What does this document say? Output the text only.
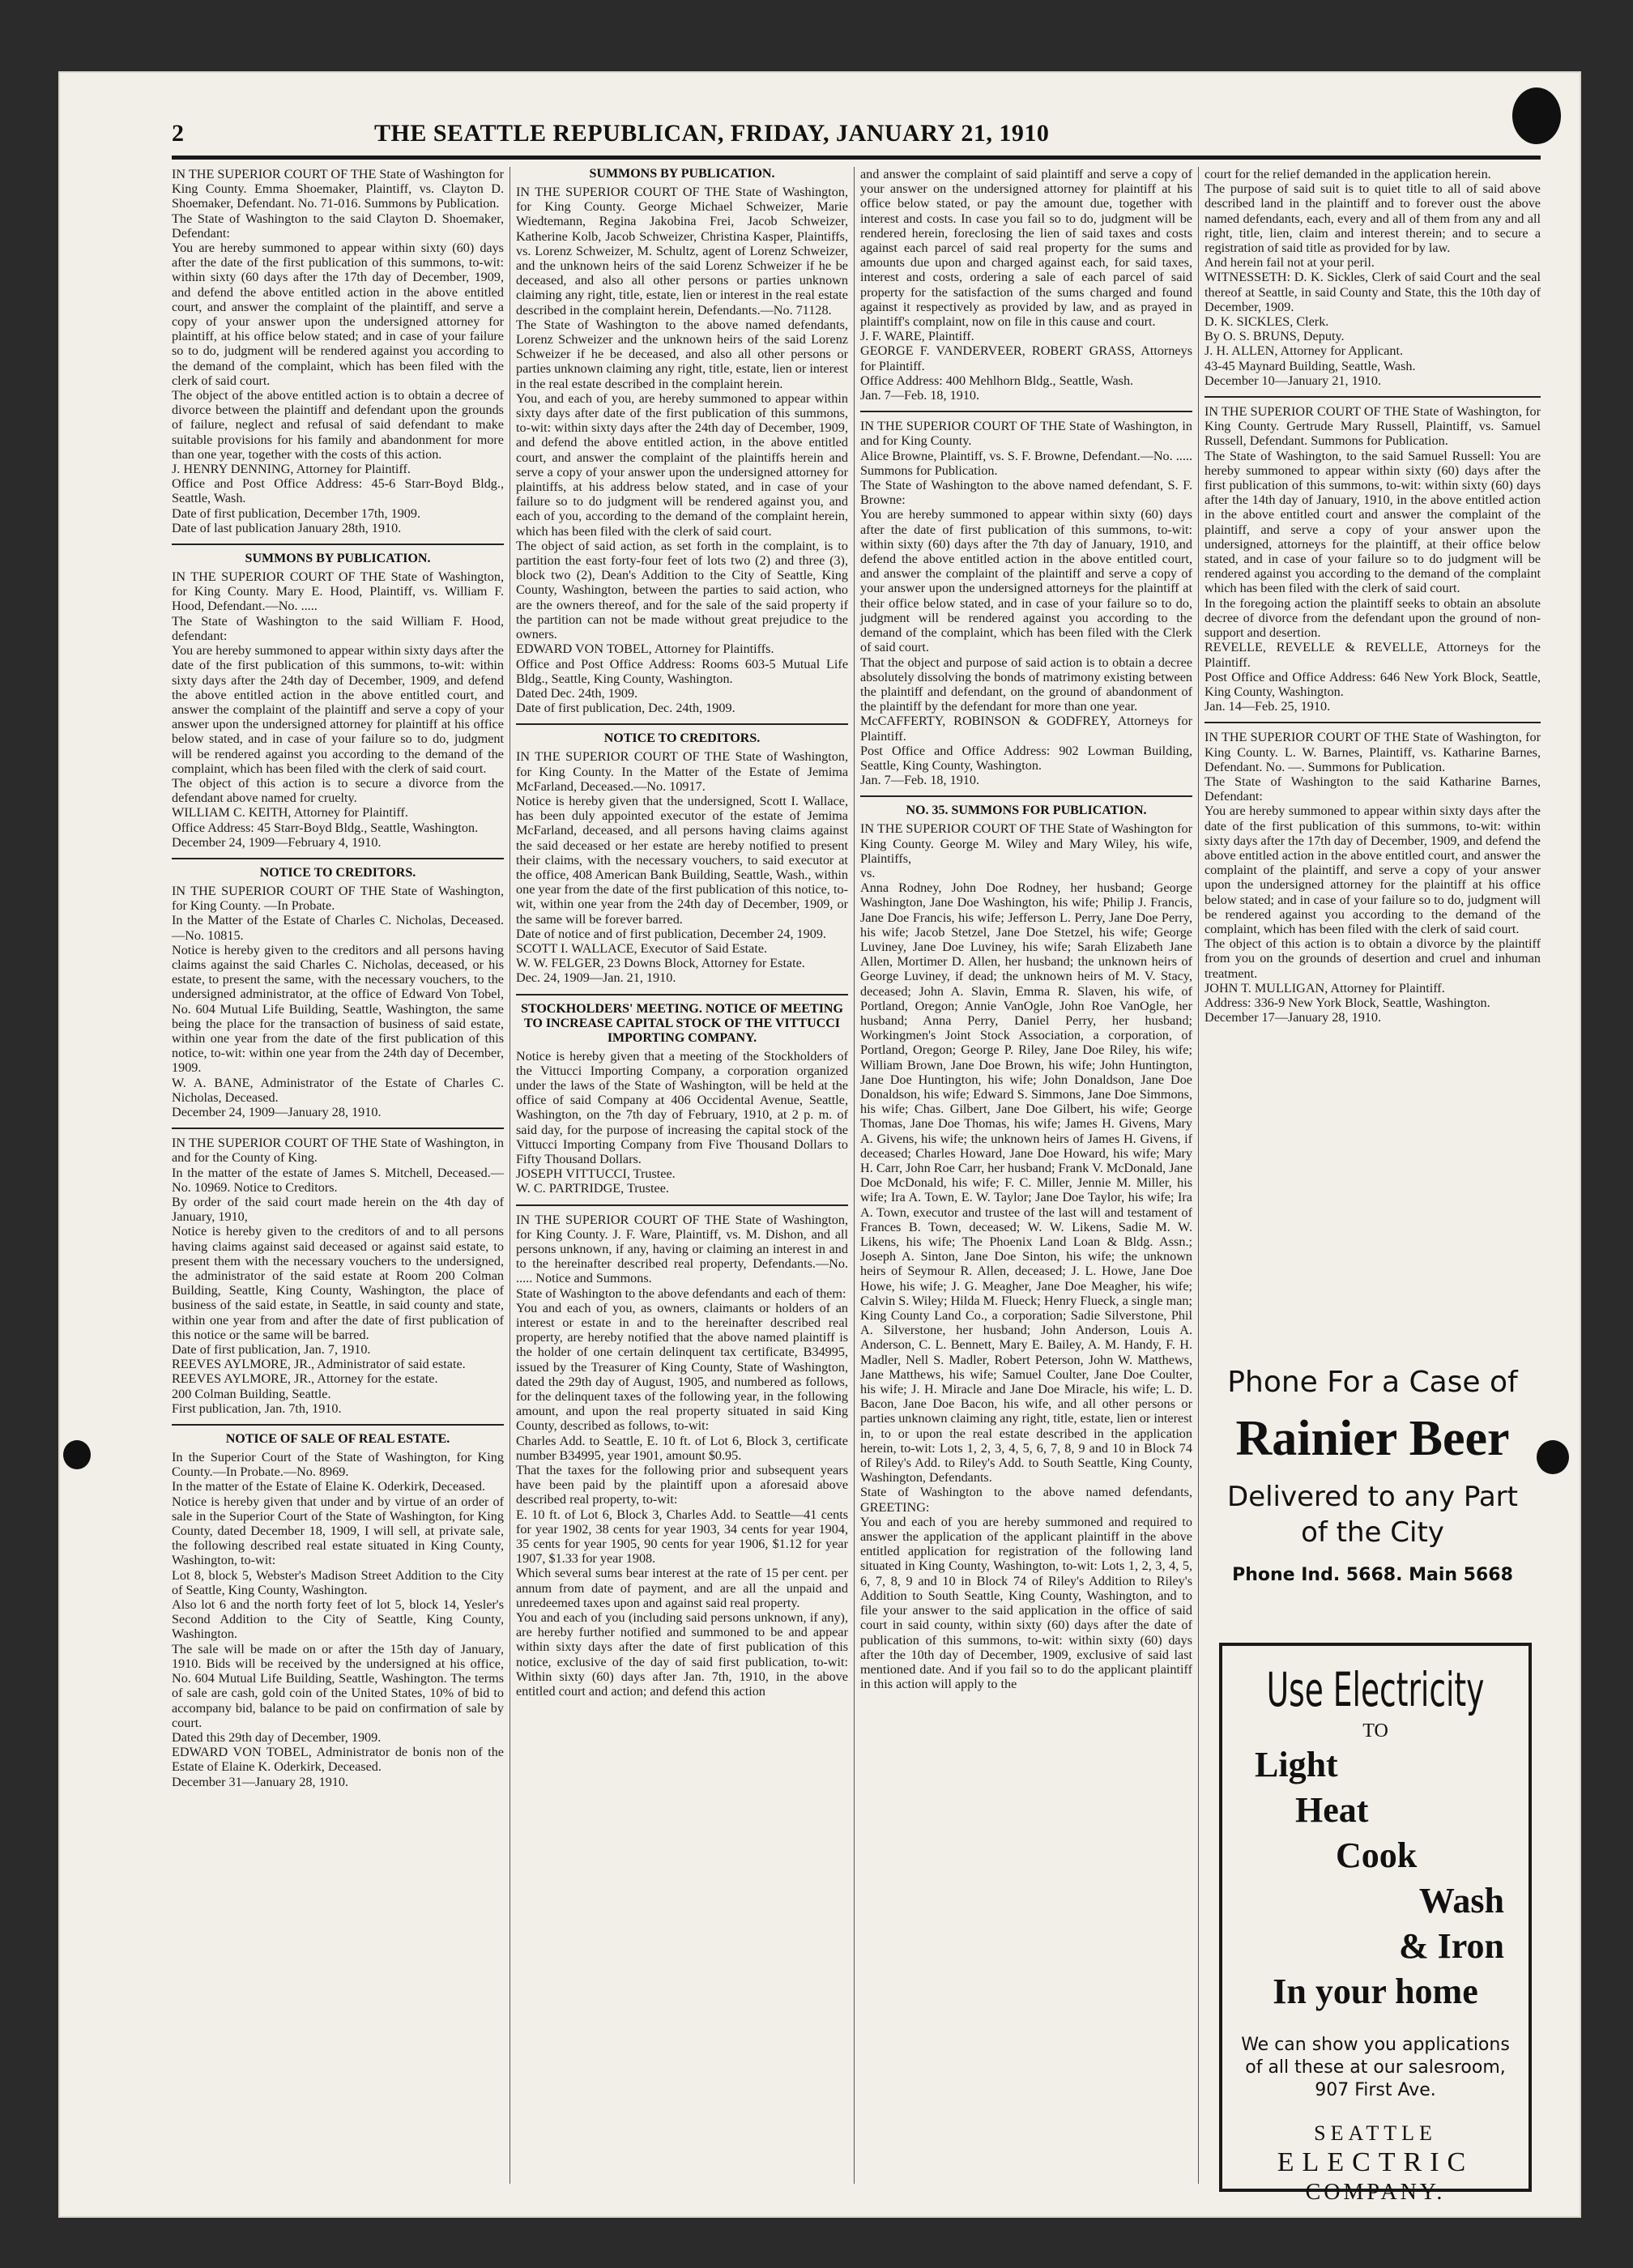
2	THE SEATTLE REPUBLICAN, FRIDAY, JANUARY 21, 1910

IN THE SUPERIOR COURT OF THE State of Washington for King County. Emma Shoemaker, Plaintiff, vs. Clayton D. Shoemaker, Defendant. No. 71-016. Summons by Publication.
The State of Washington to the said Clayton D. Shoemaker, Defendant:
You are hereby summoned to appear within sixty (60) days after the date of the first publication of this summons, to-wit: within sixty (60 days after the 17th day of December, 1909, and defend the above entitled action in the above entitled court, and answer the complaint of the plaintiff, and serve a copy of your answer upon the undersigned attorney for plaintiff, at his office below stated; and in case of your failure so to do, judgment will be rendered against you according to the demand of the complaint, which has been filed with the clerk of said court.
The object of the above entitled action is to obtain a decree of divorce between the plaintiff and defendant upon the grounds of failure, neglect and refusal of said defendant to make suitable provisions for his family and abandonment for more than one year, together with the costs of this action.
J. HENRY DENNING, Attorney for Plaintiff.
Office and Post Office Address: 45-6 Starr-Boyd Bldg., Seattle, Wash.
Date of first publication, December 17th, 1909.
Date of last publication January 28th, 1910.

SUMMONS BY PUBLICATION.

IN THE SUPERIOR COURT OF THE State of Washington, for King County. Mary E. Hood, Plaintiff, vs. William F. Hood, Defendant.—No. .....
The State of Washington to the said William F. Hood, defendant:
You are hereby summoned to appear within sixty days after the date of the first publication of this summons, to-wit: within sixty days after the 24th day of December, 1909, and defend the above entitled action in the above entitled court, and answer the complaint of the plaintiff and serve a copy of your answer upon the undersigned attorney for plaintiff at his office below stated, and in case of your failure so to do, judgment will be rendered against you according to the demand of the complaint, which has been filed with the clerk of said court.
The object of this action is to secure a divorce from the defendant above named for cruelty.
WILLIAM C. KEITH, Attorney for Plaintiff.
Office Address: 45 Starr-Boyd Bldg., Seattle, Washington.
December 24, 1909—February 4, 1910.

NOTICE TO CREDITORS.

IN THE SUPERIOR COURT OF THE State of Washington, for King County. —In Probate.
In the Matter of the Estate of Charles C. Nicholas, Deceased.—No. 10815.
Notice is hereby given to the creditors and all persons having claims against the said Charles C. Nicholas, deceased, or his estate, to present the same, with the necessary vouchers, to the undersigned administrator, at the office of Edward Von Tobel, No. 604 Mutual Life Building, Seattle, Washington, the same being the place for the transaction of business of said estate, within one year from the date of the first publication of this notice, to-wit: within one year from the 24th day of December, 1909.
W. A. BANE, Administrator of the Estate of Charles C. Nicholas, Deceased.
December 24, 1909—January 28, 1910.

IN THE SUPERIOR COURT OF THE State of Washington, in and for the County of King.
In the matter of the estate of James S. Mitchell, Deceased.—No. 10969. Notice to Creditors.
By order of the said court made herein on the 4th day of January, 1910,
Notice is hereby given to the creditors of and to all persons having claims against said deceased or against said estate, to present them with the necessary vouchers to the undersigned, the administrator of the said estate at Room 200 Colman Building, Seattle, King County, Washington, the place of business of the said estate, in Seattle, in said county and state, within one year from and after the date of first publication of this notice or the same will be barred.
Date of first publication, Jan. 7, 1910.
REEVES AYLMORE, JR., Administrator of said estate.
REEVES AYLMORE, JR., Attorney for the estate.
200 Colman Building, Seattle.
First publication, Jan. 7th, 1910.

NOTICE OF SALE OF REAL ESTATE.

In the Superior Court of the State of Washington, for King County.—In Probate.—No. 8969.
In the matter of the Estate of Elaine K. Oderkirk, Deceased.
Notice is hereby given that under and by virtue of an order of sale in the Superior Court of the State of Washington, for King County, dated December 18, 1909, I will sell, at private sale, the following described real estate situated in King County, Washington, to-wit:
Lot 8, block 5, Webster's Madison Street Addition to the City of Seattle, King County, Washington.
Also lot 6 and the north forty feet of lot 5, block 14, Yesler's Second Addition to the City of Seattle, King County, Washington.
The sale will be made on or after the 15th day of January, 1910. Bids will be received by the undersigned at his office, No. 604 Mutual Life Building, Seattle, Washington. The terms of sale are cash, gold coin of the United States, 10% of bid to accompany bid, balance to be paid on confirmation of sale by court.
Dated this 29th day of December, 1909.
EDWARD VON TOBEL, Administrator de bonis non of the Estate of Elaine K. Oderkirk, Deceased.
December 31—January 28, 1910.

SUMMONS BY PUBLICATION.

IN THE SUPERIOR COURT OF THE State of Washington, for King County. George Michael Schweizer, Marie Wiedtemann, Regina Jakobina Frei, Jacob Schweizer, Katherine Kolb, Jacob Schweizer, Christina Kasper, Plaintiffs, vs. Lorenz Schweizer, M. Schultz, agent of Lorenz Schweizer, and the unknown heirs of the said Lorenz Schweizer if he be deceased, and also all other persons or parties unknown claiming any right, title, estate, lien or interest in the real estate described in the complaint herein, Defendants.—No. 71128.
The State of Washington to the above named defendants, Lorenz Schweizer and the unknown heirs of the said Lorenz Schweizer if he be deceased, and also all other persons or parties unknown claiming any right, title, estate, lien or interest in the real estate described in the complaint herein.
You, and each of you, are hereby summoned to appear within sixty days after date of the first publication of this summons, to-wit: within sixty days after the 24th day of December, 1909, and defend the above entitled action, in the above entitled court, and answer the complaint of the plaintiffs herein and serve a copy of your answer upon the undersigned attorney for plaintiffs, at his address below stated, and in case of your failure so to do judgment will be rendered against you, and each of you, according to the demand of the complaint herein, which has been filed with the clerk of said court.
The object of said action, as set forth in the complaint, is to partition the east forty-four feet of lots two (2) and three (3), block two (2), Dean's Addition to the City of Seattle, King County, Washington, between the parties to said action, who are the owners thereof, and for the sale of the said property if the partition can not be made without great prejudice to the owners.
EDWARD VON TOBEL, Attorney for Plaintiffs.
Office and Post Office Address: Rooms 603-5 Mutual Life Bldg., Seattle, King County, Washington.
Dated Dec. 24th, 1909.
Date of first publication, Dec. 24th, 1909.

NOTICE TO CREDITORS.

IN THE SUPERIOR COURT OF THE State of Washington, for King County. In the Matter of the Estate of Jemima McFarland, Deceased.—No. 10917.
Notice is hereby given that the undersigned, Scott I. Wallace, has been duly appointed executor of the estate of Jemima McFarland, deceased, and all persons having claims against the said deceased or her estate are hereby notified to present their claims, with the necessary vouchers, to said executor at the office, 408 American Bank Building, Seattle, Wash., within one year from the date of the first publication of this notice, to-wit, within one year from the 24th day of December, 1909, or the same will be forever barred.
Date of notice and of first publication, December 24, 1909.
SCOTT I. WALLACE, Executor of Said Estate.
W. W. FELGER, 23 Downs Block, Attorney for Estate.
Dec. 24, 1909—Jan. 21, 1910.

STOCKHOLDERS' MEETING. NOTICE OF MEETING TO INCREASE CAPITAL STOCK OF THE VITTUCCI IMPORTING COMPANY.

Notice is hereby given that a meeting of the Stockholders of the Vittucci Importing Company, a corporation organized under the laws of the State of Washington, will be held at the office of said Company at 406 Occidental Avenue, Seattle, Washington, on the 7th day of February, 1910, at 2 p. m. of said day, for the purpose of increasing the capital stock of the Vittucci Importing Company from Five Thousand Dollars to Fifty Thousand Dollars.
JOSEPH VITTUCCI, Trustee.
W. C. PARTRIDGE, Trustee.

IN THE SUPERIOR COURT OF THE State of Washington, for King County. J. F. Ware, Plaintiff, vs. M. Dishon, and all persons unknown, if any, having or claiming an interest in and to the hereinafter described real property, Defendants.—No. ..... Notice and Summons.
State of Washington to the above defendants and each of them:
You and each of you, as owners, claimants or holders of an interest or estate in and to the hereinafter described real property, are hereby notified that the above named plaintiff is the holder of one certain delinquent tax certificate, B34995, issued by the Treasurer of King County, State of Washington, dated the 29th day of August, 1905, and numbered as follows, for the delinquent taxes of the following year, in the following amount, and upon the real property situated in said King County, described as follows, to-wit:
Charles Add. to Seattle, E. 10 ft. of Lot 6, Block 3, certificate number B34995, year 1901, amount $0.95.
That the taxes for the following prior and subsequent years have been paid by the plaintiff upon a aforesaid above described real property, to-wit:
E. 10 ft. of Lot 6, Block 3, Charles Add. to Seattle—41 cents for year 1902, 38 cents for year 1903, 34 cents for year 1904, 35 cents for year 1905, 90 cents for year 1906, $1.12 for year 1907, $1.33 for year 1908.
Which several sums bear interest at the rate of 15 per cent. per annum from date of payment, and are all the unpaid and unredeemed taxes upon and against said real property.
You and each of you (including said persons unknown, if any), are hereby further notified and summoned to be and appear within sixty days after the date of first publication of this notice, exclusive of the day of said first publication, to-wit: Within sixty (60) days after Jan. 7th, 1910, in the above entitled court and action; and defend this action

and answer the complaint of said plaintiff and serve a copy of your answer on the undersigned attorney for plaintiff at his office below stated, or pay the amount due, together with interest and costs. In case you fail so to do, judgment will be rendered herein, foreclosing the lien of said taxes and costs against each parcel of said real property for the sums and amounts due upon and charged against each, for said taxes, interest and costs, ordering a sale of each parcel of said property for the satisfaction of the sums charged and found against it respectively as provided by law, and as prayed in plaintiff's complaint, now on file in this cause and court.
J. F. WARE, Plaintiff.
GEORGE F. VANDERVEER, ROBERT GRASS, Attorneys for Plaintiff.
Office Address: 400 Mehlhorn Bldg., Seattle, Wash.
Jan. 7—Feb. 18, 1910.

IN THE SUPERIOR COURT OF THE State of Washington, in and for King County.
Alice Browne, Plaintiff, vs. S. F. Browne, Defendant.—No. ..... Summons for Publication.
The State of Washington to the above named defendant, S. F. Browne:
You are hereby summoned to appear within sixty (60) days after the date of first publication of this summons, to-wit: within sixty (60) days after the 7th day of January, 1910, and defend the above entitled action in the above entitled court, and answer the complaint of the plaintiff and serve a copy of your answer upon the undersigned attorneys for the plaintiff at their office below stated, and in case of your failure so to do, judgment will be rendered against you according to the demand of the complaint, which has been filed with the Clerk of said court.
That the object and purpose of said action is to obtain a decree absolutely dissolving the bonds of matrimony existing between the plaintiff and defendant, on the ground of abandonment of the plaintiff by the defendant for more than one year.
McCAFFERTY, ROBINSON & GODFREY, Attorneys for Plaintiff.
Post Office and Office Address: 902 Lowman Building, Seattle, King County, Washington.
Jan. 7—Feb. 18, 1910.

NO. 35. SUMMONS FOR PUBLICATION.

IN THE SUPERIOR COURT OF THE State of Washington for King County. George M. Wiley and Mary Wiley, his wife, Plaintiffs,
vs.
Anna Rodney, John Doe Rodney, her husband; George Washington, Jane Doe Washington, his wife; Philip J. Francis, Jane Doe Francis, his wife; Jefferson L. Perry, Jane Doe Perry, his wife; Jacob Stetzel, Jane Doe Stetzel, his wife; George Luviney, Jane Doe Luviney, his wife; Sarah Elizabeth Jane Allen, Mortimer D. Allen, her husband; the unknown heirs of George Luviney, if dead; the unknown heirs of M. V. Stacy, deceased; John A. Slavin, Emma R. Slaven, his wife, of Portland, Oregon; Annie VanOgle, John Roe VanOgle, her husband; Anna Perry, Daniel Perry, her husband; Workingmen's Joint Stock Association, a corporation, of Portland, Oregon; George P. Riley, Jane Doe Riley, his wife; William Brown, Jane Doe Brown, his wife; John Huntington, Jane Doe Huntington, his wife; John Donaldson, Jane Doe Donaldson, his wife; Edward S. Simmons, Jane Doe Simmons, his wife; Chas. Gilbert, Jane Doe Gilbert, his wife; George Thomas, Jane Doe Thomas, his wife; James H. Givens, Mary A. Givens, his wife; the unknown heirs of James H. Givens, if deceased; Charles Howard, Jane Doe Howard, his wife; Mary H. Carr, John Roe Carr, her husband; Frank V. McDonald, Jane Doe McDonald, his wife; F. C. Miller, Jennie M. Miller, his wife; Ira A. Town, E. W. Taylor; Jane Doe Taylor, his wife; Ira A. Town, executor and trustee of the last will and testament of Frances B. Town, deceased; W. W. Likens, Sadie M. W. Likens, his wife; The Phoenix Land Loan & Bldg. Assn.; Joseph A. Sinton, Jane Doe Sinton, his wife; the unknown heirs of Seymour R. Allen, deceased; J. L. Howe, Jane Doe Howe, his wife; J. G. Meagher, Jane Doe Meagher, his wife; Calvin S. Wiley; Hilda M. Flueck; Henry Flueck, a single man; King County Land Co., a corporation; Sadie Silverstone, Phil A. Silverstone, her husband; John Anderson, Louis A. Anderson, C. L. Bennett, Mary E. Bailey, A. M. Handy, F. H. Madler, Nell S. Madler, Robert Peterson, John W. Matthews, Jane Matthews, his wife; Samuel Coulter, Jane Doe Coulter, his wife; J. H. Miracle and Jane Doe Miracle, his wife; L. D. Bacon, Jane Doe Bacon, his wife, and all other persons or parties unknown claiming any right, title, estate, lien or interest in, to or upon the real estate described in the application herein, to-wit: Lots 1, 2, 3, 4, 5, 6, 7, 8, 9 and 10 in Block 74 of Riley's Add. to Riley's Add. to South Seattle, King County, Washington, Defendants.
State of Washington to the above named defendants, GREETING:
You and each of you are hereby summoned and required to answer the application of the applicant plaintiff in the above entitled application for registration of the following land situated in King County, Washington, to-wit: Lots 1, 2, 3, 4, 5, 6, 7, 8, 9 and 10 in Block 74 of Riley's Addition to Riley's Addition to South Seattle, King County, Washington, and to file your answer to the said application in the office of said court in said county, within sixty (60) days after the date of publication of this summons, to-wit: within sixty (60) days after the 10th day of December, 1909, exclusive of said last mentioned date. And if you fail so to do the applicant plaintiff in this action will apply to the

court for the relief demanded in the application herein.
The purpose of said suit is to quiet title to all of said above described land in the plaintiff and to forever oust the above named defendants, each, every and all of them from any and all right, title, lien, claim and interest therein; and to secure a registration of said title as provided for by law.
And herein fail not at your peril.
WITNESSETH: D. K. Sickles, Clerk of said Court and the seal thereof at Seattle, in said County and State, this the 10th day of December, 1909.
D. K. SICKLES, Clerk.
By O. S. BRUNS, Deputy.
J. H. ALLEN, Attorney for Applicant.
43-45 Maynard Building, Seattle, Wash.
December 10—January 21, 1910.

IN THE SUPERIOR COURT OF THE State of Washington, for King County. Gertrude Mary Russell, Plaintiff, vs. Samuel Russell, Defendant. Summons for Publication.
The State of Washington, to the said Samuel Russell: You are hereby summoned to appear within sixty (60) days after the first publication of this summons, to-wit: within sixty (60) days after the 14th day of January, 1910, in the above entitled action in the above entitled court and answer the complaint of the plaintiff, and serve a copy of your answer upon the undersigned, attorneys for the plaintiff, at their office below stated, and in case of your failure so to do judgment will be rendered against you according to the demand of the complaint which has been filed with the clerk of said court.
In the foregoing action the plaintiff seeks to obtain an absolute decree of divorce from the defendant upon the ground of non-support and desertion.
REVELLE, REVELLE & REVELLE, Attorneys for the Plaintiff.
Post Office and Office Address: 646 New York Block, Seattle, King County, Washington.
Jan. 14—Feb. 25, 1910.

IN THE SUPERIOR COURT OF THE State of Washington, for King County. L. W. Barnes, Plaintiff, vs. Katharine Barnes, Defendant. No. —. Summons for Publication.
The State of Washington to the said Katharine Barnes, Defendant:
You are hereby summoned to appear within sixty days after the date of the first publication of this summons, to-wit: within sixty days after the 17th day of December, 1909, and defend the above entitled action in the above entitled court, and answer the complaint of the plaintiff, and serve a copy of your answer upon the undersigned attorney for the plaintiff at his office below stated; and in case of your failure so to do, judgment will be rendered against you according to the demand of the complaint, which has been filed with the clerk of said court.
The object of this action is to obtain a divorce by the plaintiff from you on the grounds of desertion and cruel and inhuman treatment.
JOHN T. MULLIGAN, Attorney for Plaintiff.
Address: 336-9 New York Block, Seattle, Washington.
December 17—January 28, 1910.

Phone For a Case of
Rainier Beer
Delivered to any Part
of the City
Phone Ind. 5668. Main 5668
Use Electricity
TO
Light
Heat
Cook
Wash
& Iron
In your home
We can show you applications of all these at our salesroom, 907 First Ave.
SEATTLE
ELECTRIC
COMPANY.
